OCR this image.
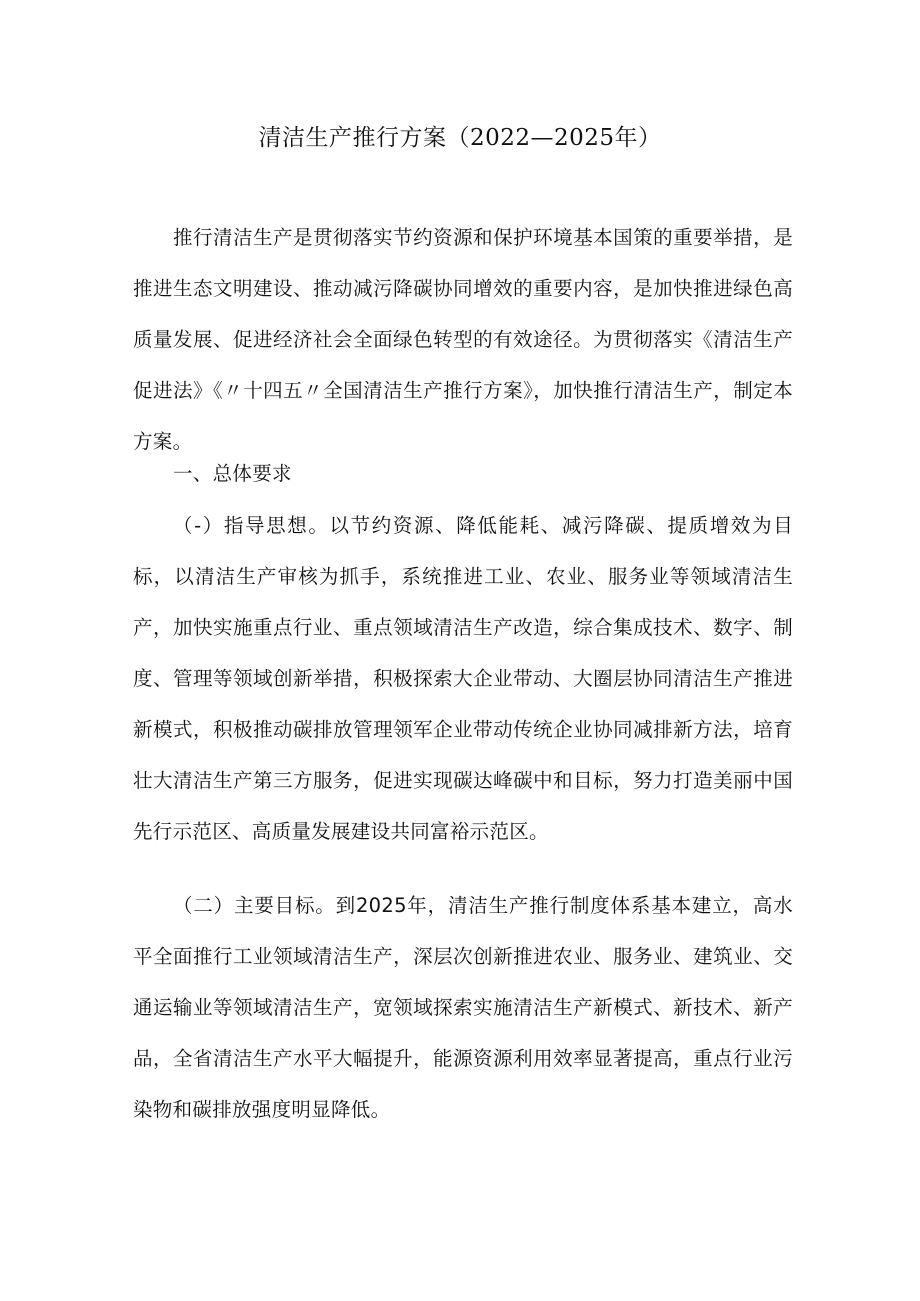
清洁生产推行方案（2022—2025年）

推行清洁生产是贯彻落实节约资源和保护环境基本国策的重要举措，是推进生态文明建设、推动减污降碳协同增效的重要内容，是加快推进绿色高质量发展、促进经济社会全面绿色转型的有效途径。为贯彻落实《清洁生产促进法》《〃十四五〃全国清洁生产推行方案》，加快推行清洁生产，制定本方案。

一、总体要求

（-）指导思想。以节约资源、降低能耗、减污降碳、提质增效为目标，以清洁生产审核为抓手，系统推进工业、农业、服务业等领域清洁生产，加快实施重点行业、重点领域清洁生产改造，综合集成技术、数字、制度、管理等领域创新举措，积极探索大企业带动、大圈层协同清洁生产推进新模式，积极推动碳排放管理领军企业带动传统企业协同减排新方法，培育壮大清洁生产第三方服务，促进实现碳达峰碳中和目标，努力打造美丽中国先行示范区、高质量发展建设共同富裕示范区。

（二）主要目标。到2025年，清洁生产推行制度体系基本建立，高水平全面推行工业领域清洁生产，深层次创新推进农业、服务业、建筑业、交通运输业等领域清洁生产，宽领域探索实施清洁生产新模式、新技术、新产品，全省清洁生产水平大幅提升，能源资源利用效率显著提高，重点行业污染物和碳排放强度明显降低。
